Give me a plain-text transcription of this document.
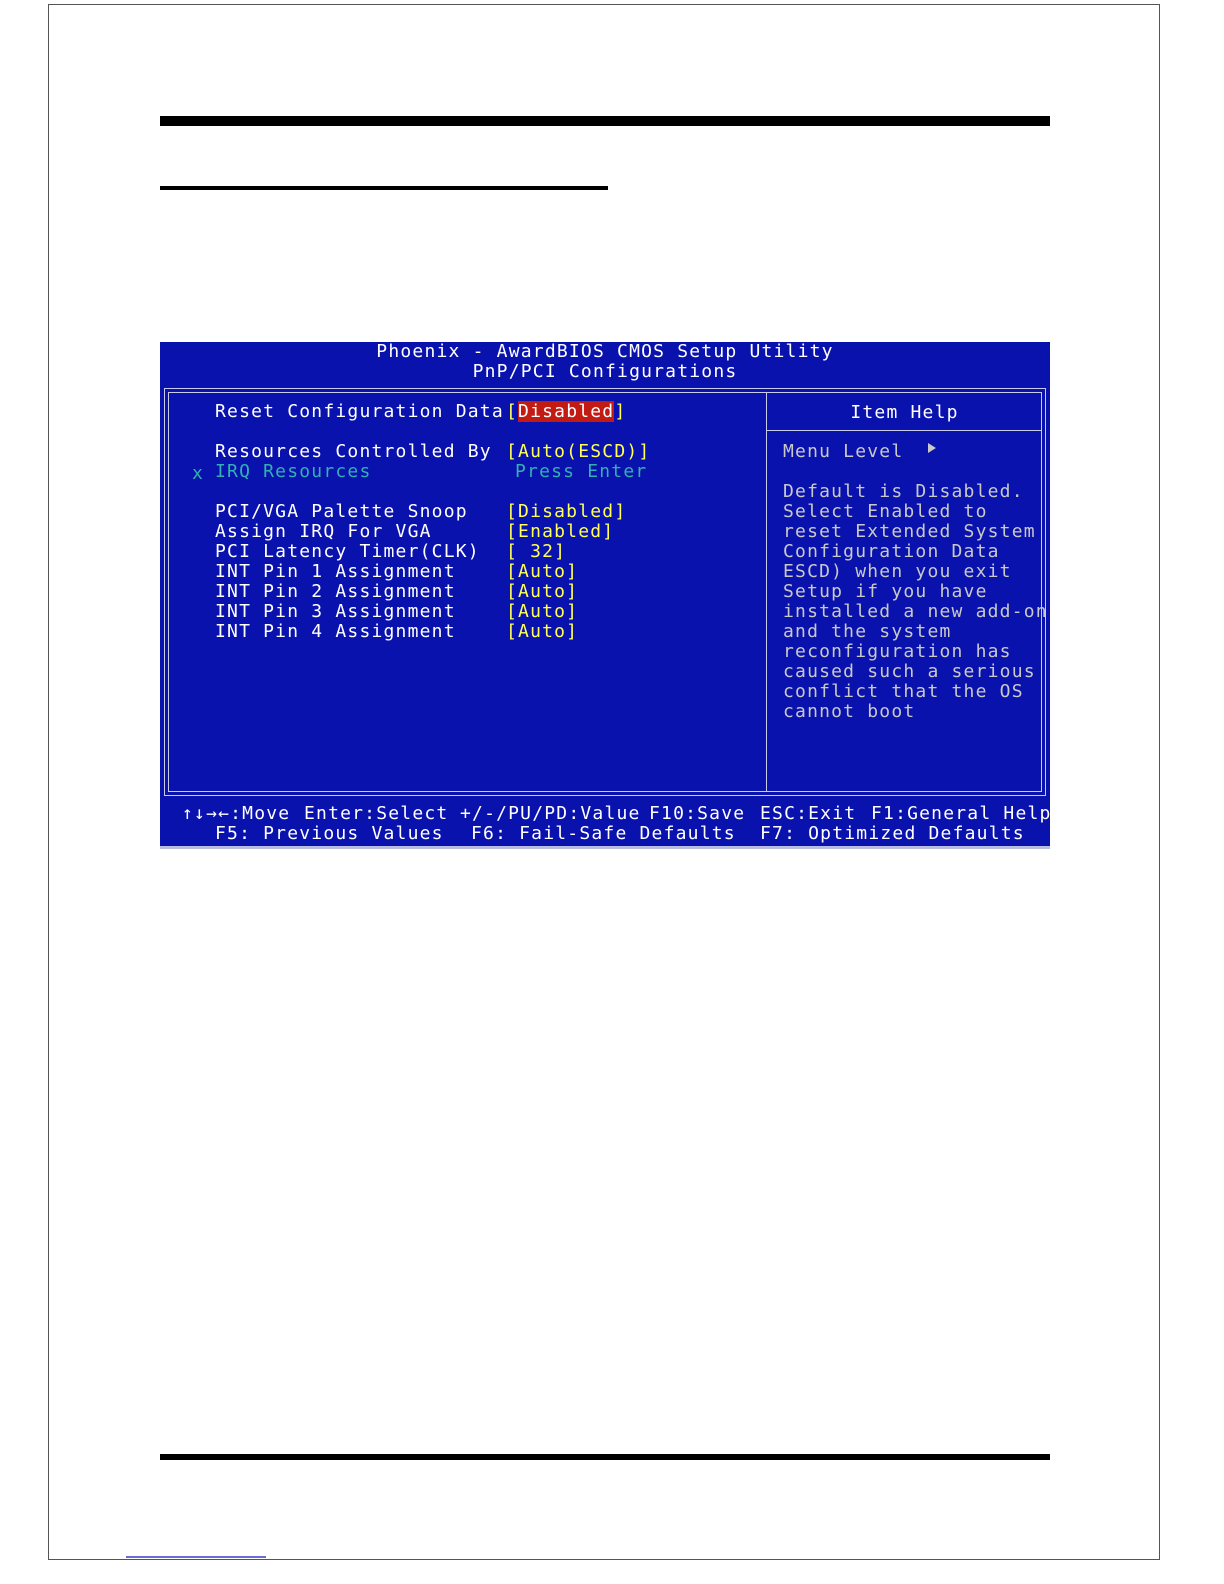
Phoenix - AwardBIOS CMOS Setup Utility
PnP/PCI Configurations
Reset Configuration Data [Disabled]
Resources Controlled By [Auto(ESCD)]
x IRQ Resources	Press Enter
PCI/VGA Palette Snoop [Disabled]
Assign IRQ For VGA	[Enabled]
PCI Latency Timer(CLK) [ 32]
INT Pin 1 Assignment	[Auto]
INT Pin 2 Assignment	[Auto]
INT Pin 3 Assignment	[Auto]
INT Pin 4 Assignment	[Auto]
Item Help
Menu Level
Default is Disabled.
Select Enabled to
reset Extended System
Configuration Data
ESCD) when you exit
Setup if you have
installed a new add-on
and the system
reconfiguration has
caused such a serious
conflict that the OS
cannot boot
↑↓→←:Move Enter:Select +/-/PU/PD:Value F10:Save ESC:Exit F1:General Help
F5: Previous Values F6: Fail-Safe Defaults F7: Optimized Defaults
